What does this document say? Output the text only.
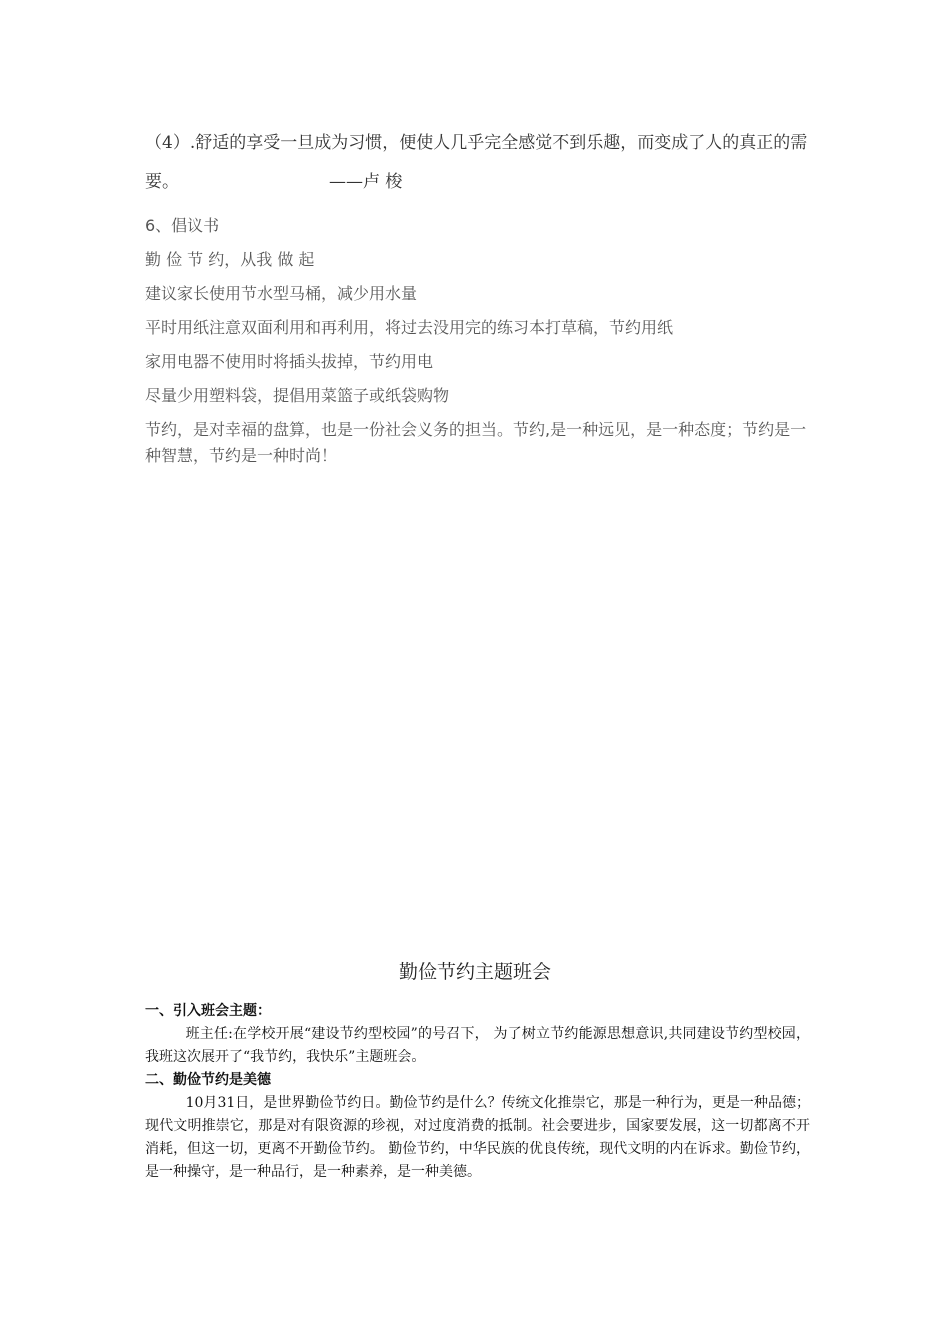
（4）.舒适的享受一旦成为习惯，便使人几乎完全感觉不到乐趣，而变成了人的真正的需要。	——卢 梭
6、倡议书
勤 俭 节 约，从我 做 起
建议家长使用节水型马桶，减少用水量
平时用纸注意双面利用和再利用，将过去没用完的练习本打草稿，节约用纸
家用电器不使用时将插头拔掉，节约用电
尽量少用塑料袋，提倡用菜篮子或纸袋购物
节约，是对幸福的盘算，也是一份社会义务的担当。节约,是一种远见，是一种态度；节约是一种智慧，节约是一种时尚！
勤俭节约主题班会
一、引入班会主题：
班主任:在学校开展“建设节约型校园”的号召下， 为了树立节约能源思想意识,共同建设节约型校园，我班这次展开了“我节约，我快乐”主题班会。
二、勤俭节约是美德
10月31日，是世界勤俭节约日。勤俭节约是什么？传统文化推崇它，那是一种行为，更是一种品德；现代文明推崇它，那是对有限资源的珍视，对过度消费的抵制。社会要进步，国家要发展，这一切都离不开消耗，但这一切，更离不开勤俭节约。 勤俭节约，中华民族的优良传统，现代文明的内在诉求。勤俭节约，是一种操守，是一种品行，是一种素养，是一种美德。
